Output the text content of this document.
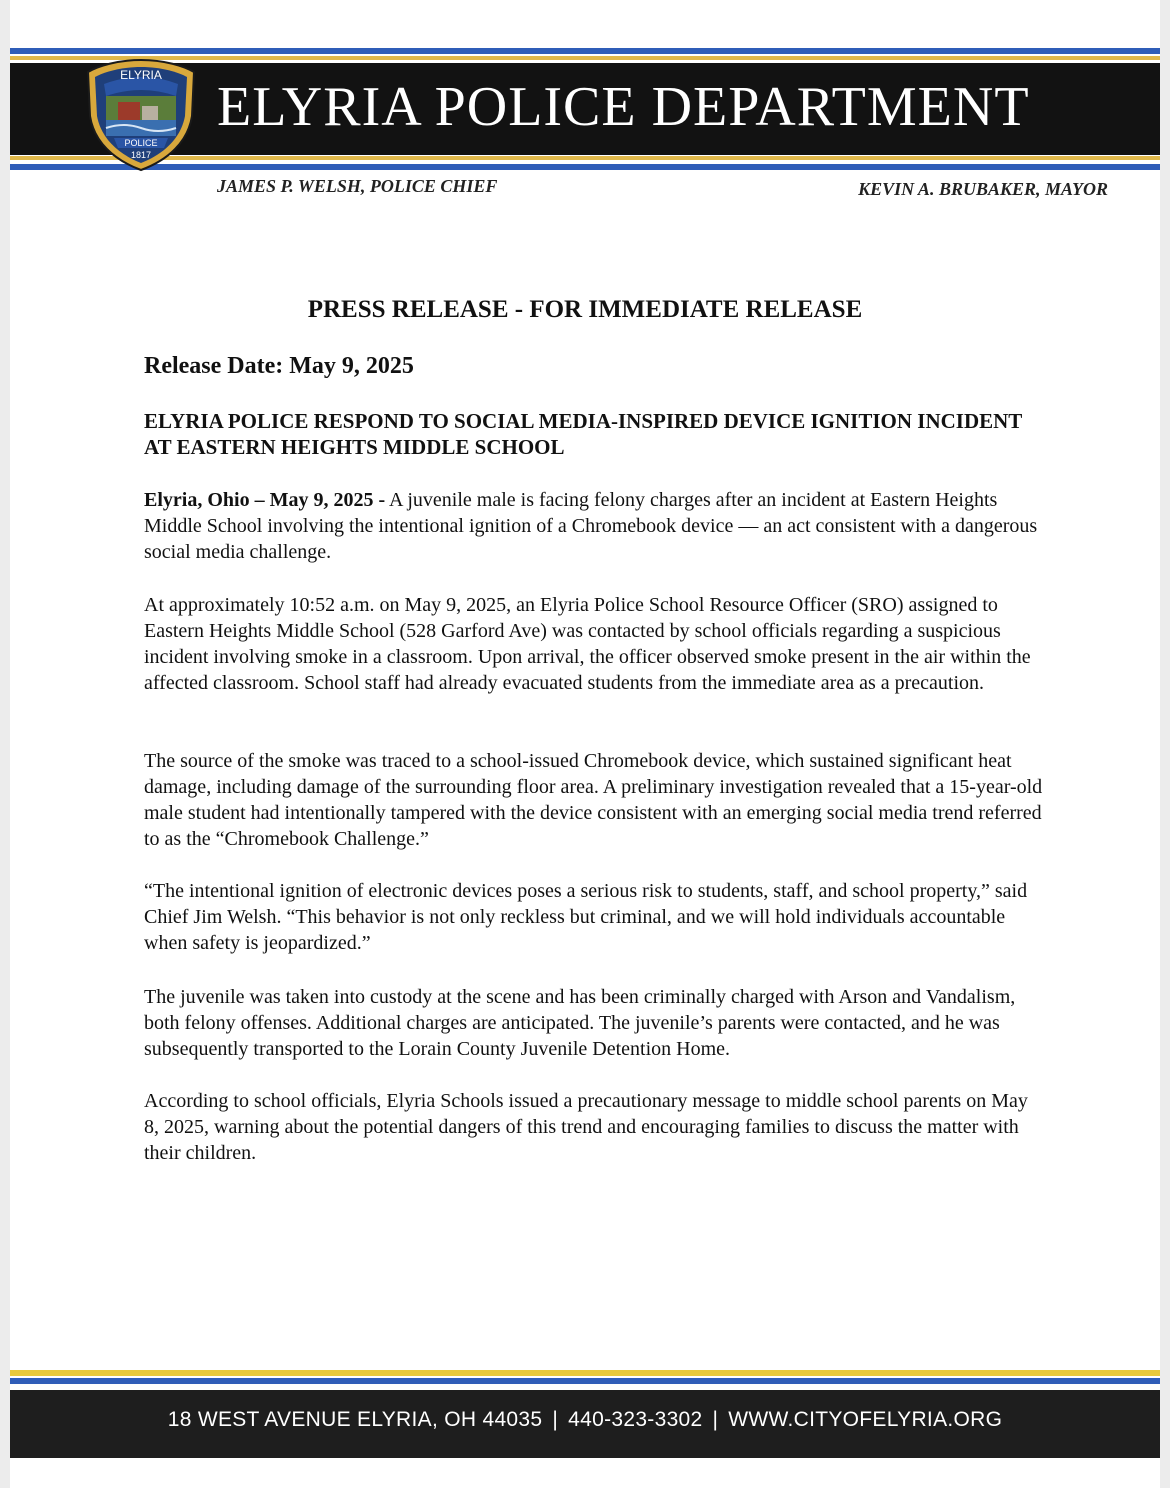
ELYRIA
POLICE
1817
ELYRIA POLICE DEPARTMENT
JAMES P. WELSH, POLICE CHIEF	KEVIN A. BRUBAKER, MAYOR
PRESS RELEASE - FOR IMMEDIATE RELEASE
Release Date: May 9, 2025
ELYRIA POLICE RESPOND TO SOCIAL MEDIA-INSPIRED DEVICE IGNITION INCIDENT AT EASTERN HEIGHTS MIDDLE SCHOOL

Elyria, Ohio – May 9, 2025 - A juvenile male is facing felony charges after an incident at Eastern Heights Middle School involving the intentional ignition of a Chromebook device — an act consistent with a dangerous social media challenge.

At approximately 10:52 a.m. on May 9, 2025, an Elyria Police School Resource Officer (SRO) assigned to Eastern Heights Middle School (528 Garford Ave) was contacted by school officials regarding a suspicious incident involving smoke in a classroom. Upon arrival, the officer observed smoke present in the air within the affected classroom. School staff had already evacuated students from the immediate area as a precaution.

The source of the smoke was traced to a school-issued Chromebook device, which sustained significant heat damage, including damage of the surrounding floor area. A preliminary investigation revealed that a 15-year-old male student had intentionally tampered with the device consistent with an emerging social media trend referred to as the “Chromebook Challenge.”

“The intentional ignition of electronic devices poses a serious risk to students, staff, and school property,” said Chief Jim Welsh. “This behavior is not only reckless but criminal, and we will hold individuals accountable when safety is jeopardized.”

The juvenile was taken into custody at the scene and has been criminally charged with Arson and Vandalism, both felony offenses. Additional charges are anticipated. The juvenile’s parents were contacted, and he was subsequently transported to the Lorain County Juvenile Detention Home.

According to school officials, Elyria Schools issued a precautionary message to middle school parents on May 8, 2025, warning about the potential dangers of this trend and encouraging families to discuss the matter with their children.

18 WEST AVENUE ELYRIA, OH 44035 | 440-323-3302 | WWW.CITYOFELYRIA.ORG
